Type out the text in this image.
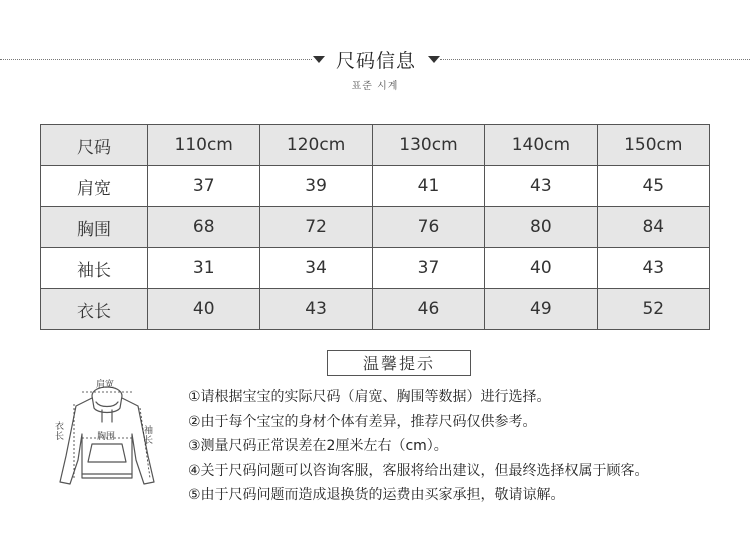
尺码信息
표준 시계
尺码	110cm	120cm	130cm	140cm	150cm
肩宽	37	39	41	43	45
胸围	68	72	76	80	84
袖长	31	34	37	40	43
衣长	40	43	46	49	52
温馨提示
肩宽
胸围
衣长
袖长
①请根据宝宝的实际尺码（肩宽、胸围等数据）进行选择。
②由于每个宝宝的身材个体有差异，推荐尺码仅供参考。
③测量尺码正常误差在2厘米左右（cm）。
④关于尺码问题可以咨询客服，客服将给出建议，但最终选择权属于顾客。
⑤由于尺码问题而造成退换货的运费由买家承担，敬请谅解。
